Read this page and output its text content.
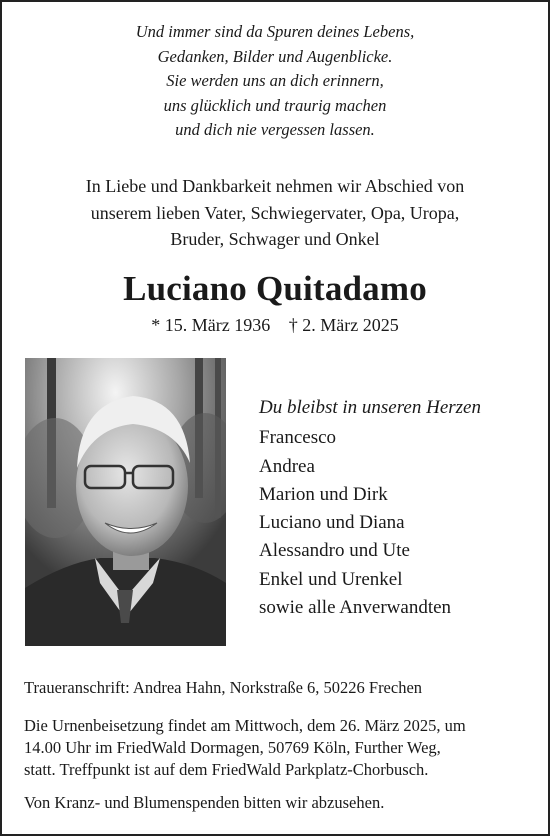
Und immer sind da Spuren deines Lebens,
Gedanken, Bilder und Augenblicke.
Sie werden uns an dich erinnern,
uns glücklich und traurig machen
und dich nie vergessen lassen.
In Liebe und Dankbarkeit nehmen wir Abschied von
unserem lieben Vater, Schwiegervater, Opa, Uropa,
Bruder, Schwager und Onkel
Luciano Quitadamo
* 15. März 1936 † 2. März 2025
Du bleibst in unseren Herzen
Francesco
Andrea
Marion und Dirk
Luciano und Diana
Alessandro und Ute
Enkel und Urenkel
sowie alle Anverwandten
Traueranschrift: Andrea Hahn, Norkstraße 6, 50226 Frechen
Die Urnenbeisetzung findet am Mittwoch, dem 26. März 2025, um
14.00 Uhr im FriedWald Dormagen, 50769 Köln, Further Weg,
statt. Treffpunkt ist auf dem FriedWald Parkplatz-Chorbusch.
Von Kranz- und Blumenspenden bitten wir abzusehen.
